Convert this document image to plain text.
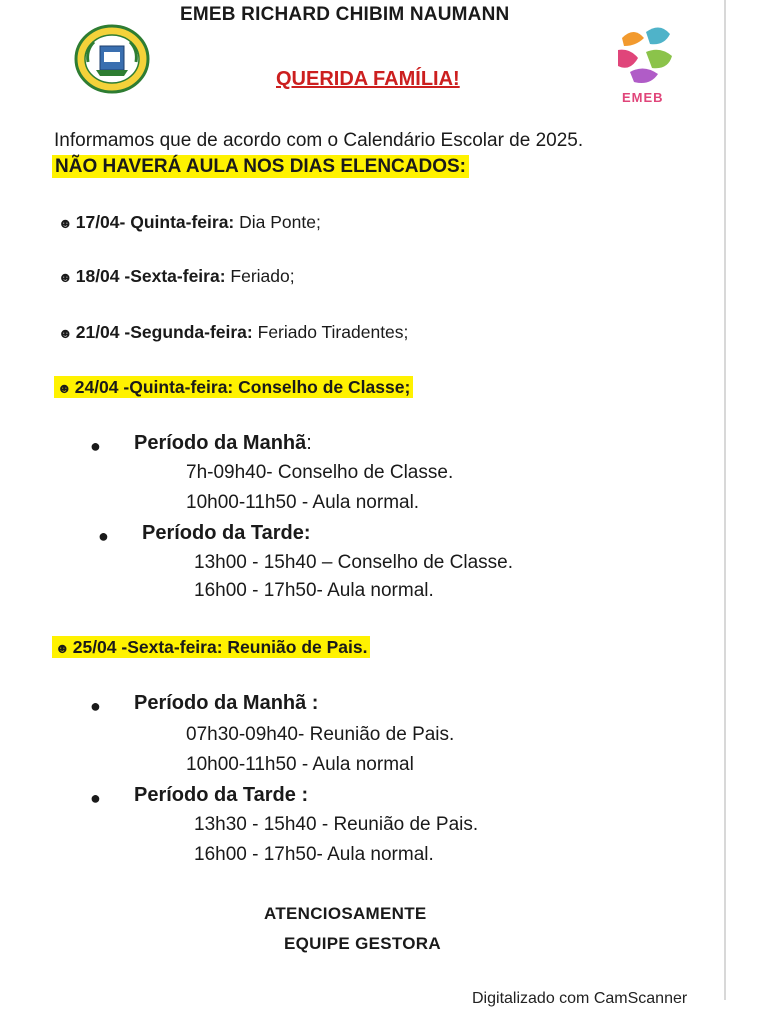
EMEB RICHARD CHIBIM NAUMANN
QUERIDA FAMÍLIA!
EMEB
Informamos que de acordo com o Calendário Escolar de 2025.
NÃO HAVERÁ AULA NOS DIAS ELENCADOS:
☻ 17/04- Quinta-feira: Dia Ponte;
☻ 18/04 -Sexta-feira: Feriado;
☻ 21/04 -Segunda-feira: Feriado Tiradentes;
☻ 24/04 -Quinta-feira: Conselho de Classe;
● Período da Manhã:
7h-09h40- Conselho de Classe.
10h00-11h50 - Aula normal.
● Período da Tarde:
13h00 - 15h40 – Conselho de Classe.
16h00 - 17h50- Aula normal.
☻ 25/04 -Sexta-feira: Reunião de Pais.
● Período da Manhã :
07h30-09h40- Reunião de Pais.
10h00-11h50 - Aula normal
● Período da Tarde :
13h30 - 15h40 - Reunião de Pais.
16h00 - 17h50- Aula normal.
ATENCIOSAMENTE
EQUIPE GESTORA
Digitalizado com CamScanner
